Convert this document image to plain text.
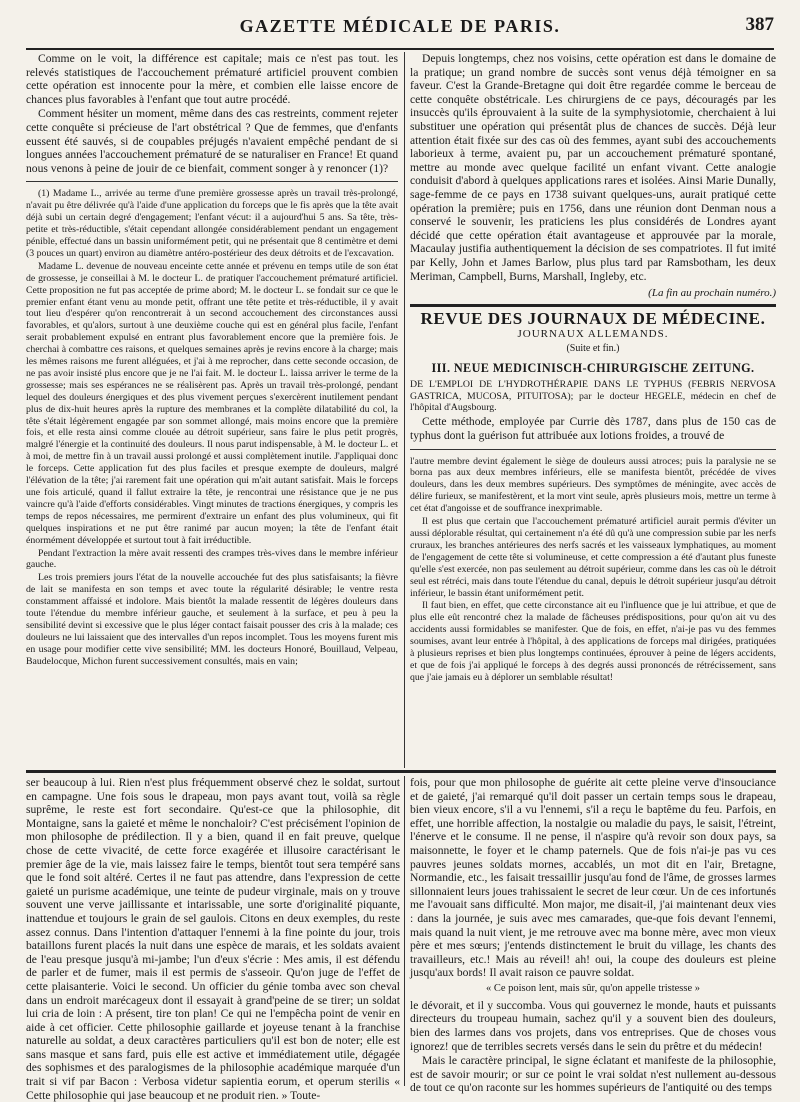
GAZETTE MÉDICALE DE PARIS.	387

Comme on le voit, la différence est capitale; mais ce n'est pas tout. les relevés statistiques de l'accouchement prématuré artificiel prouvent combien cette opération est innocente pour la mère, et combien elle laisse encore de chances plus favorables à l'enfant que tout autre procédé.

Comment hésiter un moment, même dans des cas restreints, comment rejeter cette conquête si précieuse de l'art obstétrical ? Que de femmes, que d'enfants eussent été sauvés, si de coupables préjugés n'avaient empêché pendant de si longues années l'accouchement prématuré de se naturaliser en France! Et quand nous venons à peine de jouir de ce bienfait, comment songer à y renoncer (1)?

(1) Madame L., arrivée au terme d'une première grossesse après un travail très-prolongé, n'avait pu être délivrée qu'à l'aide d'une application du forceps que le fis après que la tête avait déjà subi un certain degré d'engagement; l'enfant vécut: il a aujourd'hui 5 ans. Sa tête, très-petite et très-réductible, s'était cependant allongée considérablement pendant un engagement pénible, effectué dans un bassin uniformément petit, qui ne présentait que 8 centimètre et demi (3 pouces un quart) environ au diamètre antéro-postérieur des deux détroits et de l'excavation.

Madame L. devenue de nouveau enceinte cette année et prévenu en temps utile de son état de grossesse, je conseillai à M. le docteur L. de pratiquer l'accouchement prématuré artificiel. Cette proposition ne fut pas acceptée de prime abord; M. le docteur L. se fondait sur ce que le premier enfant étant venu au monde petit, offrant une tête petite et très-réductible, il y avait tout lieu d'espérer qu'on rencontrerait à un second accouchement des circonstances aussi favorables, et qu'alors, surtout à une deuxième couche qui est en général plus facile, l'enfant serait probablement expulsé en entrant plus favorablement encore que la première fois. Je cherchai à combattre ces raisons, et quelques semaines après je revins encore à la charge; mais les mêmes raisons me furent alléguées, et j'ai à me reprocher, dans cette seconde occasion, de ne pas avoir insisté plus encore que je ne l'ai fait. M. le docteur L. laissa arriver le terme de la grossesse; mais ses espérances ne se réalisèrent pas. Après un travail très-prolongé, pendant lequel des douleurs énergiques et des plus vivement perçues s'exercèrent inutilement pendant plus de dix-huit heures après la rupture des membranes et la complète dilatabilité du col, la tête s'était légèrement engagée par son sommet allongé, mais moins encore que la première fois, et elle resta ainsi comme clouée au détroit supérieur, sans faire le plus petit progrès, malgré l'énergie et la continuité des douleurs. Il nous parut indispensable, à M. le docteur L. et à moi, de mettre fin à un travail aussi prolongé et aussi complètement inutile. J'appliquai donc le forceps. Cette application fut des plus faciles et presque exempte de douleurs, malgré l'élévation de la tête; j'ai rarement fait une opération qui m'ait autant satisfait. Mais le forceps une fois articulé, quand il fallut extraire la tête, je rencontrai une résistance que je ne pus vaincre qu'à l'aide d'efforts considérables. Vingt minutes de tractions énergiques, y compris les temps de repos nécessaires, me permirent d'extraire un enfant des plus volumineux, qui fit quelques inspirations et ne put être ranimé par aucun moyen; la tête de l'enfant était énormément développée et surtout tout à fait irréductible.

Pendant l'extraction la mère avait ressenti des crampes très-vives dans le membre inférieur gauche.

Les trois premiers jours l'état de la nouvelle accouchée fut des plus satisfaisants; la fièvre de lait se manifesta en son temps et avec toute la régularité désirable; le ventre resta constamment affaissé et indolore. Mais bientôt la malade ressentit de légères douleurs dans toute l'étendue du membre inférieur gauche, et seulement à la surface, et peu à peu la sensibilité devint si excessive que le plus léger contact faisait pousser des cris à la malade; ces douleurs ne lui laissaient que des intervalles d'un repos incomplet. Tous les moyens furent mis en usage pour modifier cette vive sensibilité; MM. les docteurs Honoré, Bouillaud, Velpeau, Baudelocque, Michon furent successivement consultés, mais en vain;

Depuis longtemps, chez nos voisins, cette opération est dans le domaine de la pratique; un grand nombre de succès sont venus déjà témoigner en sa faveur. C'est la Grande-Bretagne qui doit être regardée comme le berceau de cette conquête obstétricale. Les chirurgiens de ce pays, découragés par les insuccès qu'ils éprouvaient à la suite de la symphysiotomie, cherchaient à lui substituer une opération qui présentât plus de chances de succès. Déjà leur attention était fixée sur des cas où des femmes, ayant subi des accouchements laborieux à terme, avaient pu, par un accouchement prématuré spontané, mettre au monde avec quelque facilité un enfant vivant. Cette analogie conduisit d'abord à quelques applications rares et isolées. Ainsi Marie Dunally, sage-femme de ce pays en 1738 suivant quelques-uns, aurait pratiqué cette opération la première; puis en 1756, dans une réunion dont Denman nous a conservé le souvenir, les praticiens les plus considérés de Londres ayant décidé que cette opération était avantageuse et approuvée par la morale, Macaulay justifia authentiquement la décision de ses compatriotes. Il fut imité par Kelly, John et James Barlow, plus plus tard par Ramsbotham, les deux Meriman, Campbell, Burns, Marshall, Ingleby, etc.

(La fin au prochain numéro.)
REVUE DES JOURNAUX DE MÉDECINE.
JOURNAUX ALLEMANDS.
(Suite et fin.)
III. NEUE MEDICINISCH-CHIRURGISCHE ZEITUNG.

DE L'EMPLOI DE L'HYDROTHÉRAPIE DANS LE TYPHUS (FEBRIS NERVOSA GASTRICA, MUCOSA, PITUITOSA); par le docteur HEGELE, médecin en chef de l'hôpital d'Augsbourg.

Cette méthode, employée par Currie dès 1787, dans plus de 150 cas de typhus dont la guérison fut attribuée aux lotions froides, a trouvé de

l'autre membre devint également le siège de douleurs aussi atroces; puis la paralysie ne se borna pas aux deux membres inférieurs, elle se manifesta bientôt, précédée de vives douleurs, dans les deux membres supérieurs. Des symptômes de méningite, avec accès de délire furieux, se manifestèrent, et la mort vint seule, après plusieurs mois, mettre un terme à cet état d'angoisse et de souffrance inexprimable.

Il est plus que certain que l'accouchement prématuré artificiel aurait permis d'éviter un aussi déplorable résultat, qui certainement n'a été dû qu'à une compression subie par les nerfs cruraux, les branches antérieures des nerfs sacrés et les vaisseaux lymphatiques, au moment de l'engagement de cette tête si volumineuse, et cette compression a été d'autant plus funeste qu'elle s'est exercée, non pas seulement au détroit supérieur, comme dans les cas où le détroit seul est rétréci, mais dans toute l'étendue du canal, depuis le détroit supérieur jusqu'au détroit inférieur, le bassin étant uniformément petit.

Il faut bien, en effet, que cette circonstance ait eu l'influence que je lui attribue, et que de plus elle eût rencontré chez la malade de fâcheuses prédispositions, pour qu'on ait vu des accidents aussi formidables se manifester. Que de fois, en effet, n'ai-je pas vu des femmes soumises, avant leur entrée à l'hôpital, à des applications de forceps mal dirigées, pratiquées à plusieurs reprises et bien plus longtemps continuées, éprouver à peine de légers accidents, et que de fois j'ai appliqué le forceps à des degrés aussi prononcés de rétrécissement, sans que j'aie jamais eu à déplorer un semblable résultat!

ser beaucoup à lui. Rien n'est plus fréquemment observé chez le soldat, surtout en campagne. Une fois sous le drapeau, mon pays avant tout, voilà sa règle suprême, le reste est fort secondaire. Qu'est-ce que la philosophie, dit Montaigne, sans la gaieté et même le nonchaloir? C'est précisément l'opinion de mon philosophe de prédilection. Il y a bien, quand il en fait preuve, quelque chose de cette vivacité, de cette force exagérée et illusoire caractérisant le premier âge de la vie, mais laissez faire le temps, bientôt tout sera tempéré sans que le fond soit altéré. Certes il ne faut pas attendre, dans l'expression de cette gaieté un purisme académique, une teinte de pudeur virginale, mais on y trouve souvent une verve jaillissante et intarissable, une sorte d'originalité piquante, inattendue et toujours le grain de sel gaulois. Citons en deux exemples, du reste assez connus. Dans l'intention d'attaquer l'ennemi à la fine pointe du jour, trois bataillons furent placés la nuit dans une espèce de marais, et les soldats avaient de l'eau presque jusqu'à mi-jambe; l'un d'eux s'écrie : Mes amis, il est défendu de parler et de fumer, mais il est permis de s'asseoir. Qu'on juge de l'effet de cette plaisanterie. Voici le second. Un officier du génie tomba avec son cheval dans un endroit marécageux dont il essayait à grand'peine de se tirer; un soldat lui cria de loin : A présent, tire ton plan! Ce qui ne l'empêcha point de venir en aide à cet officier. Cette philosophie gaillarde et joyeuse tenant à la franchise naturelle au soldat, a deux caractères particuliers qu'il est bon de noter; elle est sans masque et sans fard, puis elle est active et immédiatement utile, dégagée des sophismes et des paralogismes de la philosophie académique marquée d'un trait si vif par Bacon : Verbosa videtur sapientia eorum, et operum sterilis « Cette philosophie qui jase beaucoup et ne produit rien. » Toute-

fois, pour que mon philosophe de guérite ait cette pleine verve d'insouciance et de gaieté, j'ai remarqué qu'il doit passer un certain temps sous le drapeau, bien vieux encore, s'il a vu l'ennemi, s'il a reçu le baptême du feu. Parfois, en effet, une horrible affection, la nostalgie ou maladie du pays, le saisit, l'étreint, l'énerve et le consume. Il ne pense, il n'aspire qu'à revoir son doux pays, sa maisonnette, le foyer et le champ paternels. Que de fois n'ai-je pas vu ces pauvres jeunes soldats mornes, accablés, un mot dit en l'air, Bretagne, Normandie, etc., les faisait tressaillir jusqu'au fond de l'âme, de grosses larmes sillonnaient leurs joues trahissaient le secret de leur cœur. Un de ces infortunés me l'avouait sans difficulté. Mon major, me disait-il, j'ai maintenant deux vies : dans la journée, je suis avec mes camarades, que-que fois devant l'ennemi, mais quand la nuit vient, je me retrouve avec ma bonne mère, avec mon vieux père et mes sœurs; j'entends distinctement le bruit du village, les chants des travailleurs, etc.! Mais au réveil! ah! oui, la coupe des douleurs est pleine jusqu'aux bords! Il avait raison ce pauvre soldat.

« Ce poison lent, mais sûr, qu'on appelle tristesse »

le dévorait, et il y succomba. Vous qui gouvernez le monde, hauts et puissants directeurs du troupeau humain, sachez qu'il y a souvent bien des douleurs, bien des larmes dans vos projets, dans vos entreprises. Que de choses vous ignorez! que de terribles secrets versés dans le sein du prêtre et du médecin!

Mais le caractère principal, le signe éclatant et manifeste de la philosophie, est de savoir mourir; or sur ce point le vrai soldat n'est nullement au-dessous de tout ce qu'on raconte sur les hommes supérieurs de l'antiquité ou des temps
